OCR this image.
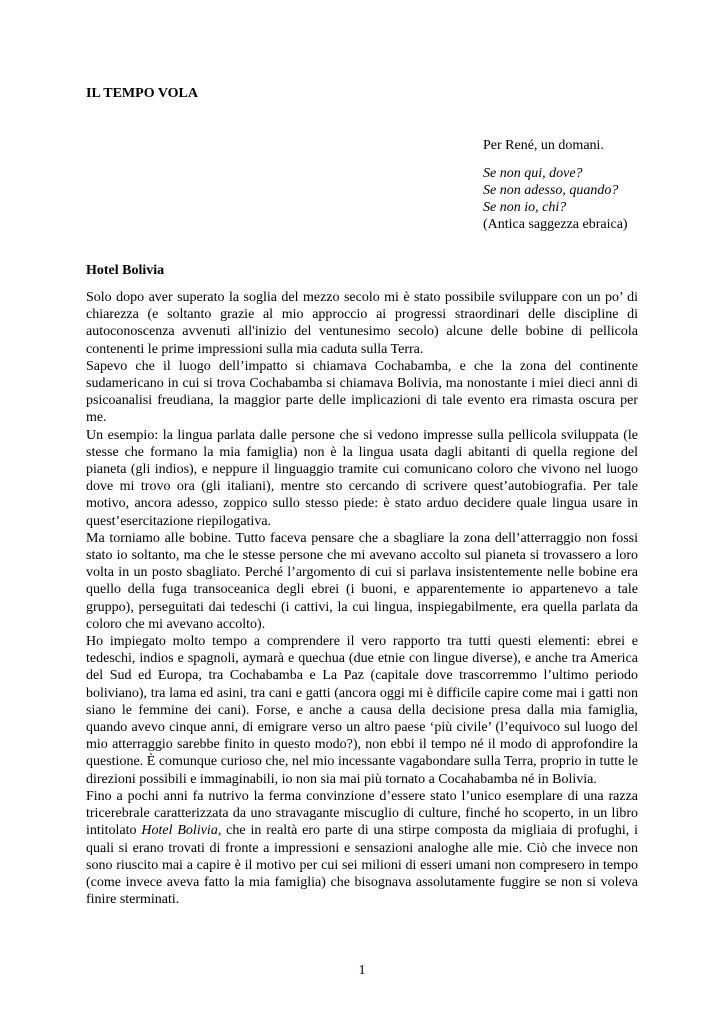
IL TEMPO VOLA

Per René, un domani.

Se non qui, dove?
Se non adesso, quando?
Se non io, chi?
(Antica saggezza ebraica)

Hotel Bolivia

Solo dopo aver superato la soglia del mezzo secolo mi è stato possibile sviluppare con un po’ di chiarezza (e soltanto grazie al mio approccio ai progressi straordinari delle discipline di autoconoscenza avvenuti all'inizio del ventunesimo secolo) alcune delle bobine di pellicola contenenti le prime impressioni sulla mia caduta sulla Terra.

Sapevo che il luogo dell’impatto si chiamava Cochabamba, e che la zona del continente sudamericano in cui si trova Cochabamba si chiamava Bolivia, ma nonostante i miei dieci anni di psicoanalisi freudiana, la maggior parte delle implicazioni di tale evento era rimasta oscura per me.

Un esempio: la lingua parlata dalle persone che si vedono impresse sulla pellicola sviluppata (le stesse che formano la mia famiglia) non è la lingua usata dagli abitanti di quella regione del pianeta (gli indios), e neppure il linguaggio tramite cui comunicano coloro che vivono nel luogo dove mi trovo ora (gli italiani), mentre sto cercando di scrivere quest’autobiografia. Per tale motivo, ancora adesso, zoppico sullo stesso piede: è stato arduo decidere quale lingua usare in quest’esercitazione riepilogativa.

Ma torniamo alle bobine. Tutto faceva pensare che a sbagliare la zona dell’atterraggio non fossi stato io soltanto, ma che le stesse persone che mi avevano accolto sul pianeta si trovassero a loro volta in un posto sbagliato. Perché l’argomento di cui si parlava insistentemente nelle bobine era quello della fuga transoceanica degli ebrei (i buoni, e apparentemente io appartenevo a tale gruppo), perseguitati dai tedeschi (i cattivi, la cui lingua, inspiegabilmente, era quella parlata da coloro che mi avevano accolto).

Ho impiegato molto tempo a comprendere il vero rapporto tra tutti questi elementi: ebrei e tedeschi, indios e spagnoli, aymarà e quechua (due etnie con lingue diverse), e anche tra America del Sud ed Europa, tra Cochabamba e La Paz (capitale dove trascorremmo l’ultimo periodo boliviano), tra lama ed asini, tra cani e gatti (ancora oggi mi è difficile capire come mai i gatti non siano le femmine dei cani). Forse, e anche a causa della decisione presa dalla mia famiglia, quando avevo cinque anni, di emigrare verso un altro paese ‘più civile’ (l’equivoco sul luogo del mio atterraggio sarebbe finito in questo modo?), non ebbi il tempo né il modo di approfondire la questione. È comunque curioso che, nel mio incessante vagabondare sulla Terra, proprio in tutte le direzioni possibili e immaginabili, io non sia mai più tornato a Cocahabamba né in Bolivia.

Fino a pochi anni fa nutrivo la ferma convinzione d’essere stato l’unico esemplare di una razza tricerebrale caratterizzata da uno stravagante miscuglio di culture, finché ho scoperto, in un libro intitolato Hotel Bolivia, che in realtà ero parte di una stirpe composta da migliaia di profughi, i quali si erano trovati di fronte a impressioni e sensazioni analoghe alle mie. Ciò che invece non sono riuscito mai a capire è il motivo per cui sei milioni di esseri umani non compresero in tempo (come invece aveva fatto la mia famiglia) che bisognava assolutamente fuggire se non si voleva finire sterminati.

1
